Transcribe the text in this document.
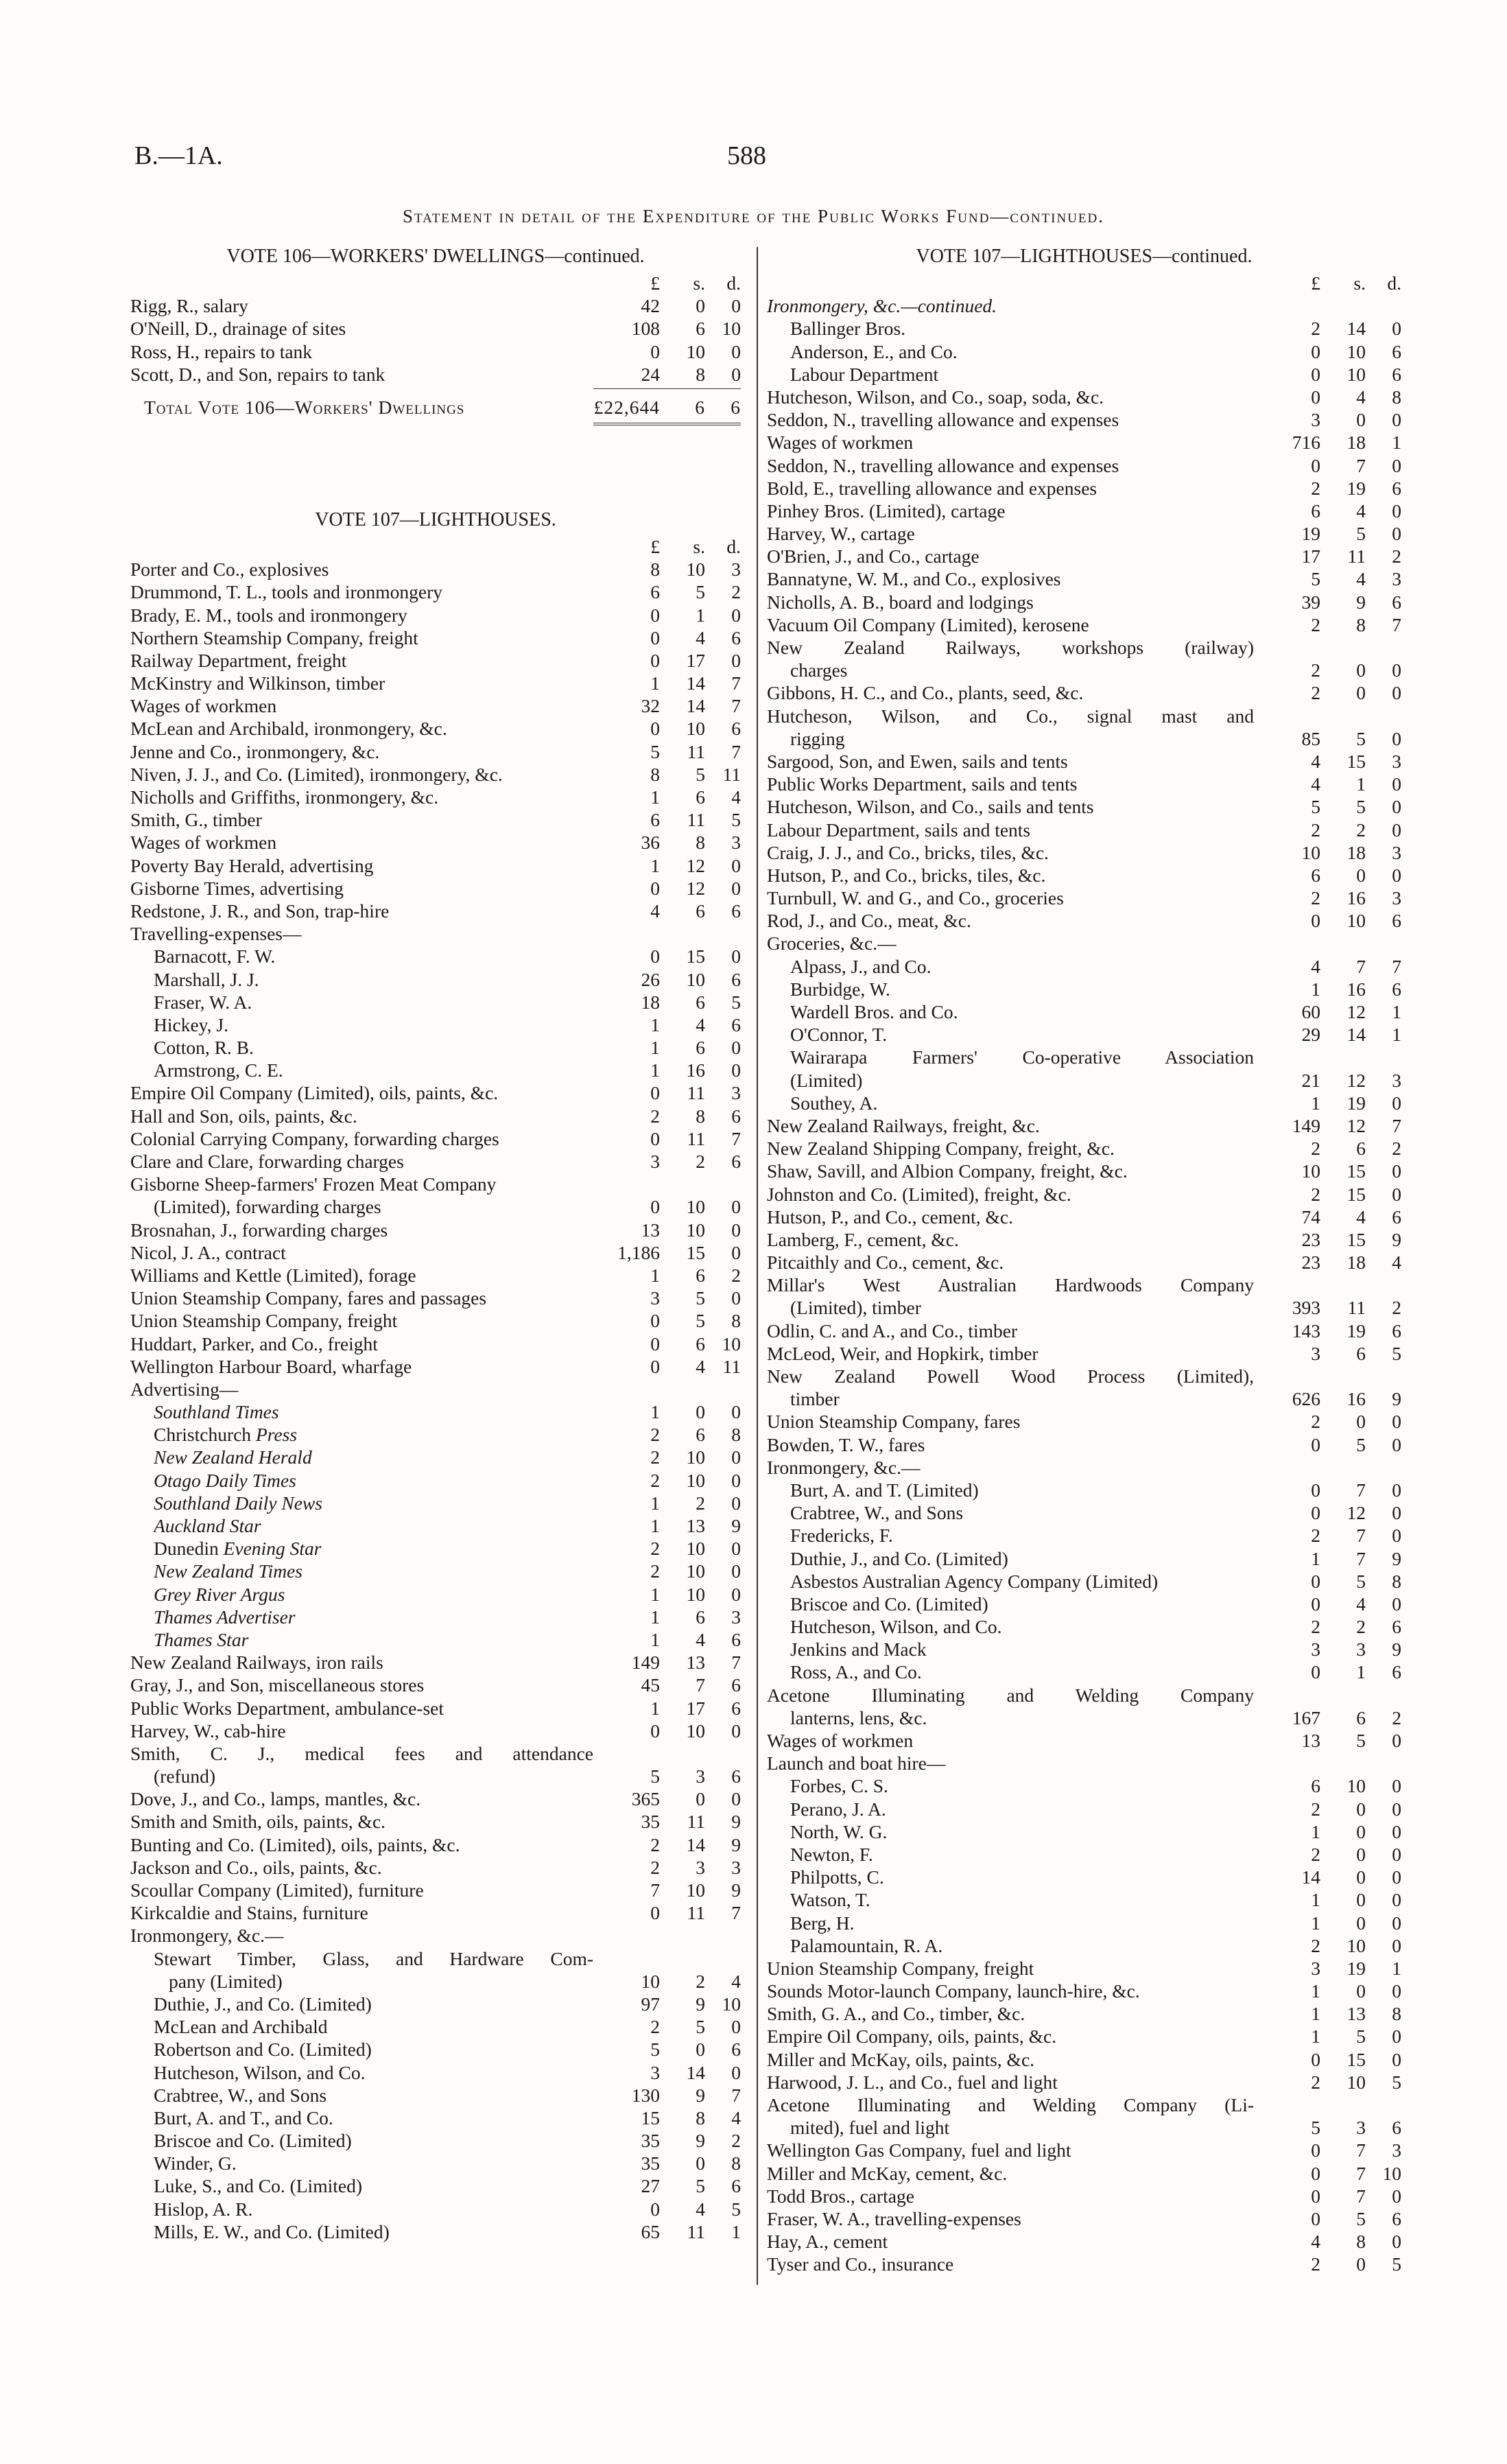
B.—1A.	588
Statement in detail of the Expenditure of the Public Works Fund—continued.
VOTE 106—WORKERS' DWELLINGS—continued.
£	s.	d.
Rigg, R., salary	42	0	0
O'Neill, D., drainage of sites	108	6 10
Ross, H., repairs to tank	0	10	0
Scott, D., and Son, repairs to tank	24	8	0
Total Vote 106—Workers' Dwellings	£22,644	6	6
VOTE 107—LIGHTHOUSES.
£	s.	d.
Porter and Co., explosives	8	10	3
Drummond, T. L., tools and ironmongery	6	5	2
Brady, E. M., tools and ironmongery	0	1	0
Northern Steamship Company, freight	0	4	6
Railway Department, freight	0	17	0
McKinstry and Wilkinson, timber	1	14	7
Wages of workmen	32	14	7
McLean and Archibald, ironmongery, &c.	0	10	6
Jenne and Co., ironmongery, &c.	5	11	7
Niven, J. J., and Co. (Limited), ironmongery, &c.	8	5 11
Nicholls and Griffiths, ironmongery, &c.	1	6	4
Smith, G., timber	6	11	5
Wages of workmen	36	8	3
Poverty Bay Herald, advertising	1	12	0
Gisborne Times, advertising	0	12	0
Redstone, J. R., and Son, trap-hire	4	6	6
Travelling-expenses—
Barnacott, F. W.	0	15	0
Marshall, J. J.	26	10	6
Fraser, W. A.	18	6	5
Hickey, J.	1	4	6
Cotton, R. B.	1	6	0
Armstrong, C. E.	1	16	0
Empire Oil Company (Limited), oils, paints, &c.	0	11	3
Hall and Son, oils, paints, &c.	2	8	6
Colonial Carrying Company, forwarding charges	0	11	7
Clare and Clare, forwarding charges	3	2	6
Gisborne Sheep-farmers' Frozen Meat Company
(Limited), forwarding charges	0	10	0
Brosnahan, J., forwarding charges	13	10	0
Nicol, J. A., contract	1,186	15	0
Williams and Kettle (Limited), forage	1	6	2
Union Steamship Company, fares and passages	3	5	0
Union Steamship Company, freight	0	5	8
Huddart, Parker, and Co., freight	0	6 10
Wellington Harbour Board, wharfage	0	4 11
Advertising—
Southland Times	1	0	0
Christchurch Press	2	6	8
New Zealand Herald	2	10	0
Otago Daily Times	2	10	0
Southland Daily News	1	2	0
Auckland Star	1	13	9
Dunedin Evening Star	2	10	0
New Zealand Times	2	10	0
Grey River Argus	1	10	0
Thames Advertiser	1	6	3
Thames Star	1	4	6
New Zealand Railways, iron rails	149	13	7
Gray, J., and Son, miscellaneous stores	45	7	6
Public Works Department, ambulance-set	1	17	6
Harvey, W., cab-hire	0	10	0
Smith, C. J., medical fees and attendance
(refund)	5	3	6
Dove, J., and Co., lamps, mantles, &c.	365	0	0
Smith and Smith, oils, paints, &c.	35	11	9
Bunting and Co. (Limited), oils, paints, &c.	2	14	9
Jackson and Co., oils, paints, &c.	2	3	3
Scoullar Company (Limited), furniture	7	10	9
Kirkcaldie and Stains, furniture	0	11	7
Ironmongery, &c.—
Stewart Timber, Glass, and Hardware Com-
pany (Limited)	10	2	4
Duthie, J., and Co. (Limited)	97	9 10
McLean and Archibald	2	5	0
Robertson and Co. (Limited)	5	0	6
Hutcheson, Wilson, and Co.	3	14	0
Crabtree, W., and Sons	130	9	7
Burt, A. and T., and Co.	15	8	4
Briscoe and Co. (Limited)	35	9	2
Winder, G.	35	0	8
Luke, S., and Co. (Limited)	27	5	6
Hislop, A. R.	0	4	5
Mills, E. W., and Co. (Limited)	65	11	1
VOTE 107—LIGHTHOUSES—continued.
£	s.	d.
Ironmongery, &c.—continued.
Ballinger Bros.	2	14	0
Anderson, E., and Co.	0	10	6
Labour Department	0	10	6
Hutcheson, Wilson, and Co., soap, soda, &c.	0	4	8
Seddon, N., travelling allowance and expenses	3	0	0
Wages of workmen	716	18	1
Seddon, N., travelling allowance and expenses	0	7	0
Bold, E., travelling allowance and expenses	2	19	6
Pinhey Bros. (Limited), cartage	6	4	0
Harvey, W., cartage	19	5	0
O'Brien, J., and Co., cartage	17	11	2
Bannatyne, W. M., and Co., explosives	5	4	3
Nicholls, A. B., board and lodgings	39	9	6
Vacuum Oil Company (Limited), kerosene	2	8	7
New Zealand Railways, workshops (railway)
charges	2	0	0
Gibbons, H. C., and Co., plants, seed, &c.	2	0	0
Hutcheson, Wilson, and Co., signal mast and
rigging	85	5	0
Sargood, Son, and Ewen, sails and tents	4	15	3
Public Works Department, sails and tents	4	1	0
Hutcheson, Wilson, and Co., sails and tents	5	5	0
Labour Department, sails and tents	2	2	0
Craig, J. J., and Co., bricks, tiles, &c.	10	18	3
Hutson, P., and Co., bricks, tiles, &c.	6	0	0
Turnbull, W. and G., and Co., groceries	2	16	3
Rod, J., and Co., meat, &c.	0	10	6
Groceries, &c.—
Alpass, J., and Co.	4	7	7
Burbidge, W.	1	16	6
Wardell Bros. and Co.	60	12	1
O'Connor, T.	29	14	1
Wairarapa Farmers' Co-operative Association
(Limited)	21	12	3
Southey, A.	1	19	0
New Zealand Railways, freight, &c.	149	12	7
New Zealand Shipping Company, freight, &c.	2	6	2
Shaw, Savill, and Albion Company, freight, &c.	10	15	0
Johnston and Co. (Limited), freight, &c.	2	15	0
Hutson, P., and Co., cement, &c.	74	4	6
Lamberg, F., cement, &c.	23	15	9
Pitcaithly and Co., cement, &c.	23	18	4
Millar's West Australian Hardwoods Company
(Limited), timber	393	11	2
Odlin, C. and A., and Co., timber	143	19	6
McLeod, Weir, and Hopkirk, timber	3	6	5
New Zealand Powell Wood Process (Limited),
timber	626	16	9
Union Steamship Company, fares	2	0	0
Bowden, T. W., fares	0	5	0
Ironmongery, &c.—
Burt, A. and T. (Limited)	0	7	0
Crabtree, W., and Sons	0	12	0
Fredericks, F.	2	7	0
Duthie, J., and Co. (Limited)	1	7	9
Asbestos Australian Agency Company (Limited)	0	5	8
Briscoe and Co. (Limited)	0	4	0
Hutcheson, Wilson, and Co.	2	2	6
Jenkins and Mack	3	3	9
Ross, A., and Co.	0	1	6
Acetone Illuminating and Welding Company
lanterns, lens, &c.	167	6	2
Wages of workmen	13	5	0
Launch and boat hire—
Forbes, C. S.	6	10	0
Perano, J. A.	2	0	0
North, W. G.	1	0	0
Newton, F.	2	0	0
Philpotts, C.	14	0	0
Watson, T.	1	0	0
Berg, H.	1	0	0
Palamountain, R. A.	2	10	0
Union Steamship Company, freight	3	19	1
Sounds Motor-launch Company, launch-hire, &c.	1	0	0
Smith, G. A., and Co., timber, &c.	1	13	8
Empire Oil Company, oils, paints, &c.	1	5	0
Miller and McKay, oils, paints, &c.	0	15	0
Harwood, J. L., and Co., fuel and light	2	10	5
Acetone Illuminating and Welding Company (Li-
mited), fuel and light	5	3	6
Wellington Gas Company, fuel and light	0	7	3
Miller and McKay, cement, &c.	0	7 10
Todd Bros., cartage	0	7	0
Fraser, W. A., travelling-expenses	0	5	6
Hay, A., cement	4	8	0
Tyser and Co., insurance	2	0	5
